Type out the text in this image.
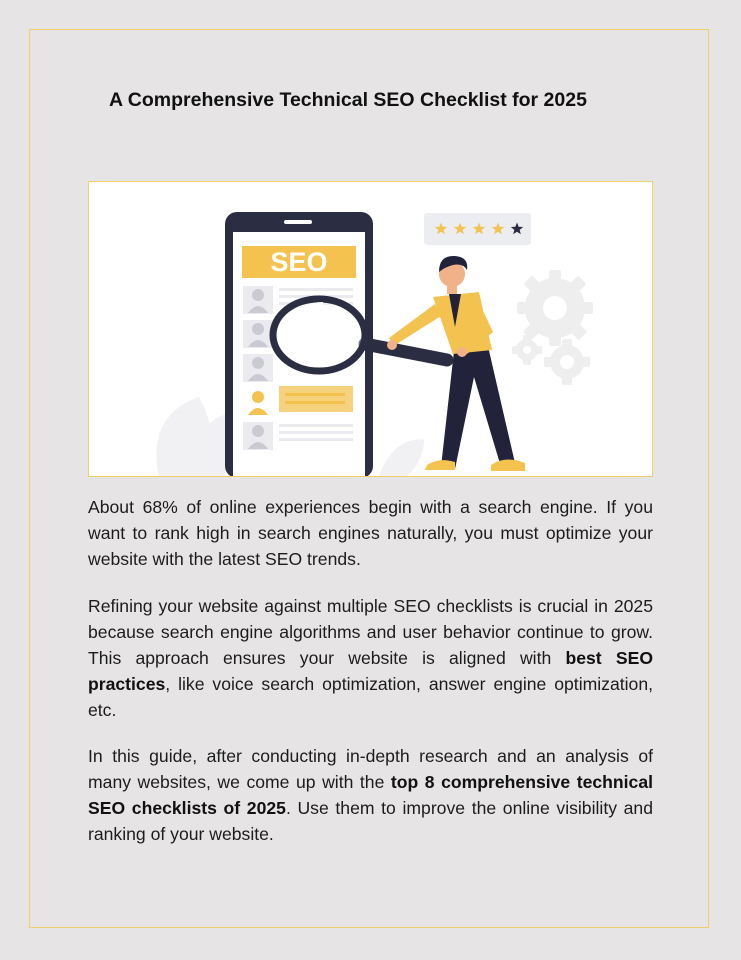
A Comprehensive Technical SEO Checklist for 2025
SEO

About 68% of online experiences begin with a search engine. If you want to rank high in search engines naturally, you must optimize your website with the latest SEO trends.

Refining your website against multiple SEO checklists is crucial in 2025 because search engine algorithms and user behavior continue to grow. This approach ensures your website is aligned with best SEO practices, like voice search optimization, answer engine optimization, etc.

In this guide, after conducting in-depth research and an analysis of many websites, we come up with the top 8 comprehensive technical SEO checklists of 2025. Use them to improve the online visibility and ranking of your website.
